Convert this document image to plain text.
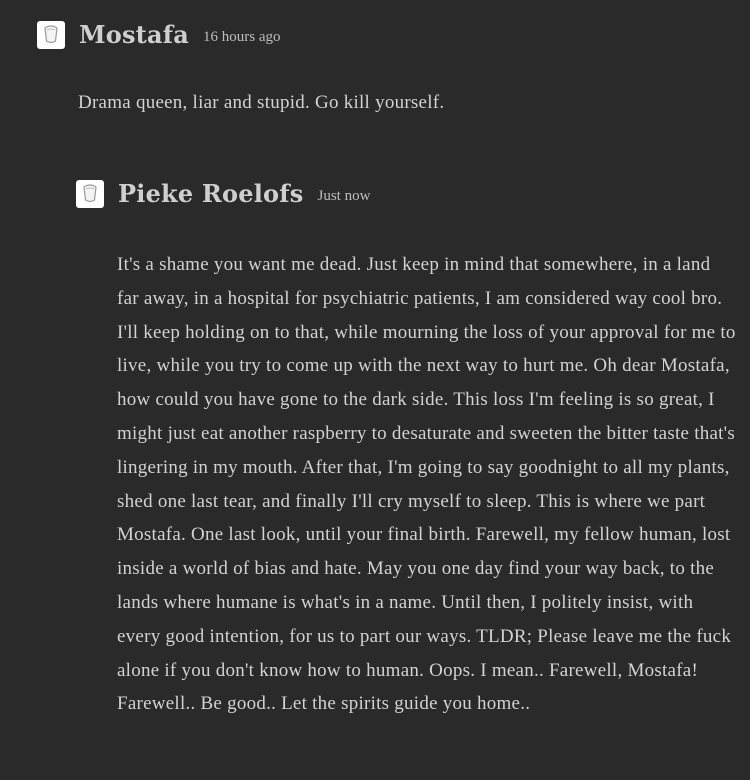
Mostafa 16 hours ago
Drama queen, liar and stupid. Go kill yourself.
Pieke Roelofs Just now
It's a shame you want me dead. Just keep in mind that somewhere, in a land far away, in a hospital for psychiatric patients, I am considered way cool bro. I'll keep holding on to that, while mourning the loss of your approval for me to live, while you try to come up with the next way to hurt me. Oh dear Mostafa, how could you have gone to the dark side. This loss I'm feeling is so great, I might just eat another raspberry to desaturate and sweeten the bitter taste that's lingering in my mouth. After that, I'm going to say goodnight to all my plants, shed one last tear, and finally I'll cry myself to sleep. This is where we part Mostafa. One last look, until your final birth. Farewell, my fellow human, lost inside a world of bias and hate. May you one day find your way back, to the lands where humane is what's in a name. Until then, I politely insist, with every good intention, for us to part our ways. TLDR; Please leave me the fuck alone if you don't know how to human. Oops. I mean.. Farewell, Mostafa! Farewell.. Be good.. Let the spirits guide you home..
